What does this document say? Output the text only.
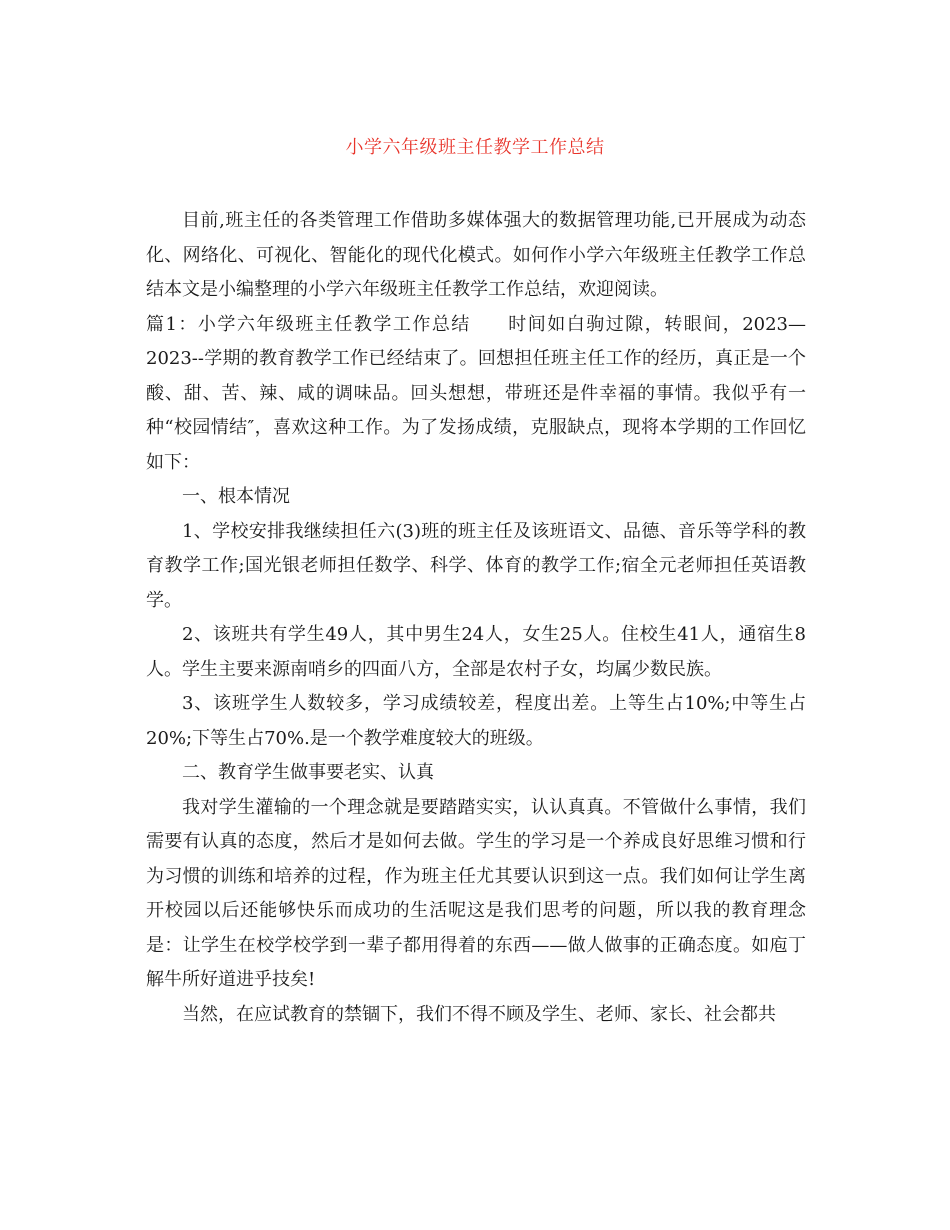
小学六年级班主任教学工作总结

目前,班主任的各类管理工作借助多媒体强大的数据管理功能,已开展成为动态化、网络化、可视化、智能化的现代化模式。如何作小学六年级班主任教学工作总结本文是小编整理的小学六年级班主任教学工作总结，欢迎阅读。

篇1：小学六年级班主任教学工作总结 时间如白驹过隙，转眼间，2023—2023--学期的教育教学工作已经结束了。回想担任班主任工作的经历，真正是一个酸、甜、苦、辣、咸的调味品。回头想想，带班还是件幸福的事情。我似乎有一种“校园情结″，喜欢这种工作。为了发扬成绩，克服缺点，现将本学期的工作回忆如下：

一、根本情况

1、学校安排我继续担任六(3)班的班主任及该班语文、品德、音乐等学科的教育教学工作;国光银老师担任数学、科学、体育的教学工作;宿全元老师担任英语教学。

2、该班共有学生49人，其中男生24人，女生25人。住校生41人，通宿生8人。学生主要来源南哨乡的四面八方，全部是农村子女，均属少数民族。

3、该班学生人数较多，学习成绩较差，程度出差。上等生占10%;中等生占20%;下等生占70%.是一个教学难度较大的班级。

二、教育学生做事要老实、认真

我对学生灌输的一个理念就是要踏踏实实，认认真真。不管做什么事情，我们需要有认真的态度，然后才是如何去做。学生的学习是一个养成良好思维习惯和行为习惯的训练和培养的过程，作为班主任尤其要认识到这一点。我们如何让学生离开校园以后还能够快乐而成功的生活呢这是我们思考的问题，所以我的教育理念是：让学生在校学校学到一辈子都用得着的东西——做人做事的正确态度。如庖丁解牛所好道进乎技矣!

当然，在应试教育的禁锢下，我们不得不顾及学生、老师、家长、社会都共
